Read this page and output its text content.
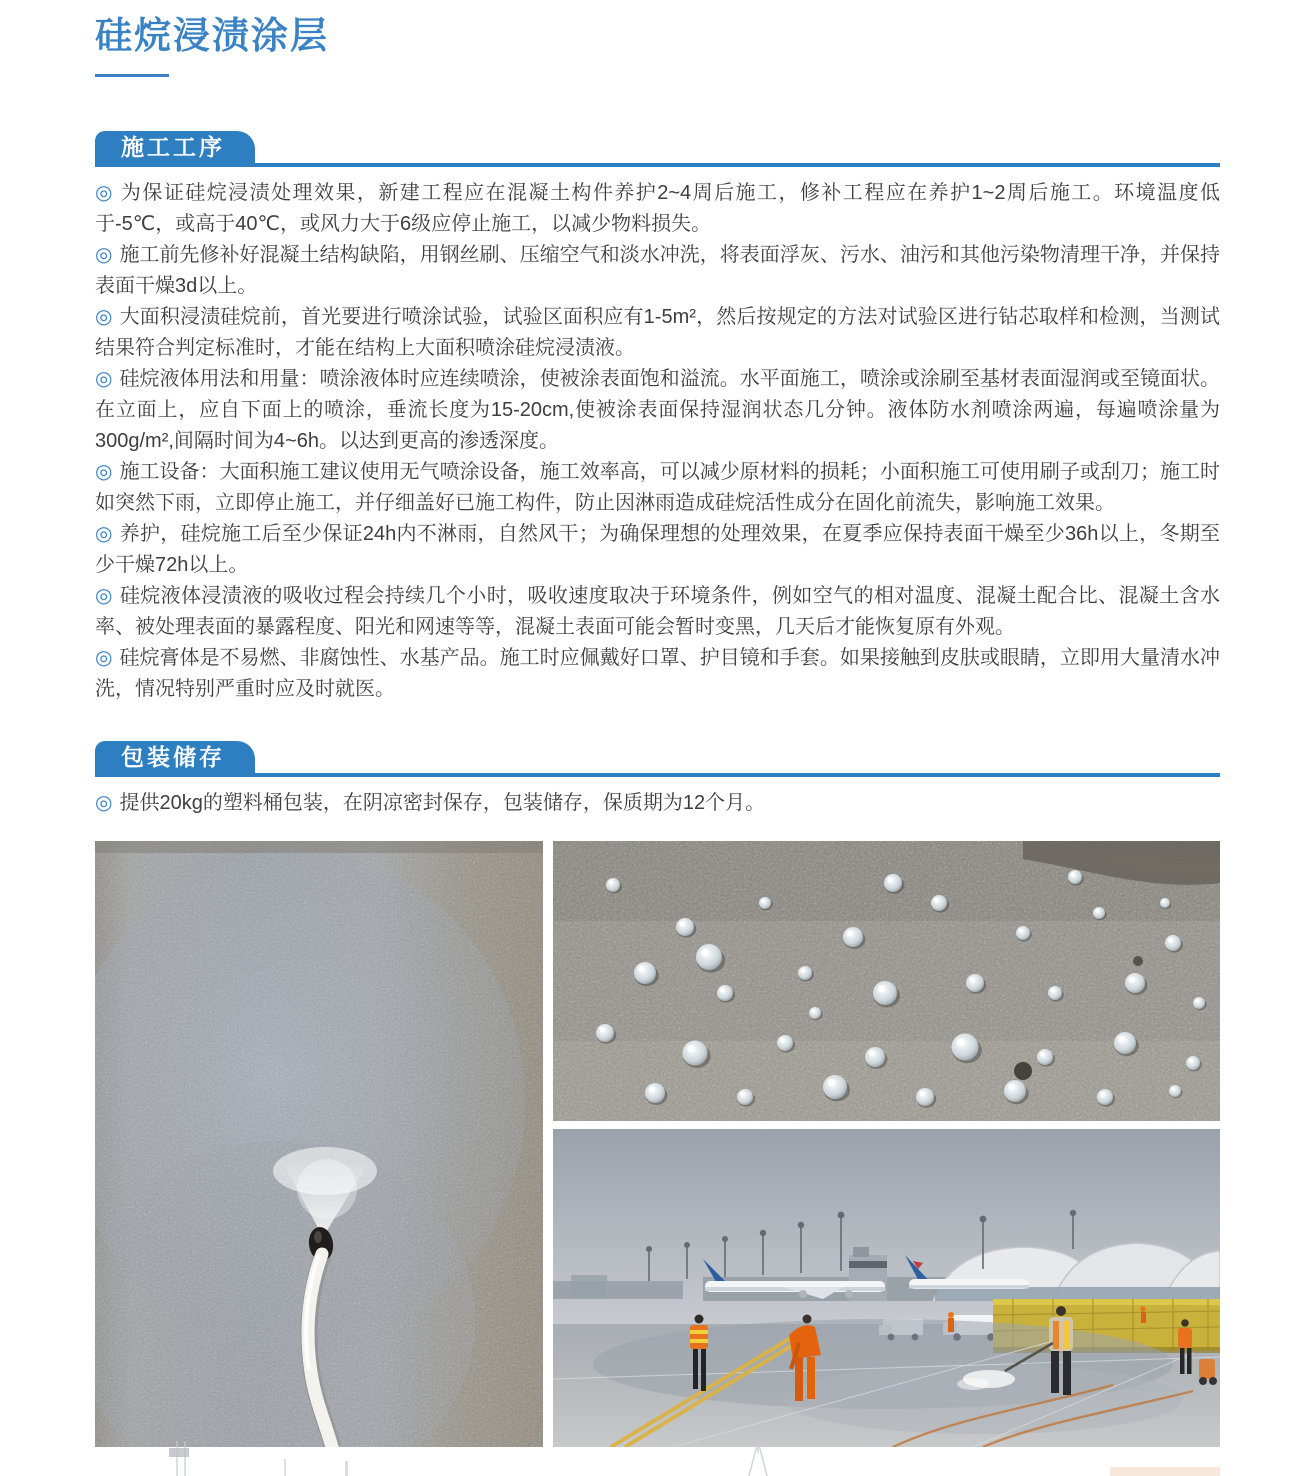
硅烷浸渍涂层
施工工序

◎ 为保证硅烷浸渍处理效果，新建工程应在混凝土构件养护2~4周后施工，修补工程应在养护1~2周后施工。环境温度低于-5℃，或高于40℃，或风力大于6级应停止施工，以减少物料损失。

◎ 施工前先修补好混凝土结构缺陷，用钢丝刷、压缩空气和淡水冲洗，将表面浮灰、污水、油污和其他污染物清理干净，并保持表面干燥3d以上。

◎ 大面积浸渍硅烷前，首光要进行喷涂试验，试验区面积应有1-5m²，然后按规定的方法对试验区进行钻芯取样和检测，当测试结果符合判定标准时，才能在结构上大面积喷涂硅烷浸渍液。

◎ 硅烷液体用法和用量：喷涂液体时应连续喷涂，使被涂表面饱和溢流。水平面施工，喷涂或涂刷至基材表面湿润或至镜面状。在立面上，应自下面上的喷涂，垂流长度为15-20cm,使被涂表面保持湿润状态几分钟。液体防水剂喷涂两遍，每遍喷涂量为300g/m²,间隔时间为4~6h。以达到更高的渗透深度。

◎ 施工设备：大面积施工建议使用无气喷涂设备，施工效率高，可以减少原材料的损耗；小面积施工可使用刷子或刮刀；施工时如突然下雨，立即停止施工，并仔细盖好已施工构件，防止因淋雨造成硅烷活性成分在固化前流失，影响施工效果。

◎ 养护，硅烷施工后至少保证24h内不淋雨，自然风干；为确保理想的处理效果，在夏季应保持表面干燥至少36h以上，冬期至少干燥72h以上。

◎ 硅烷液体浸渍液的吸收过程会持续几个小时，吸收速度取决于环境条件，例如空气的相对温度、混凝土配合比、混凝土含水率、被处理表面的暴露程度、阳光和网速等等，混凝土表面可能会暂时变黑，几天后才能恢复原有外观。

◎ 硅烷膏体是不易燃、非腐蚀性、水基产品。施工时应佩戴好口罩、护目镜和手套。如果接触到皮肤或眼睛，立即用大量清水冲洗，情况特别严重时应及时就医。

包装储存

◎ 提供20kg的塑料桶包装，在阴凉密封保存，包装储存，保质期为12个月。
